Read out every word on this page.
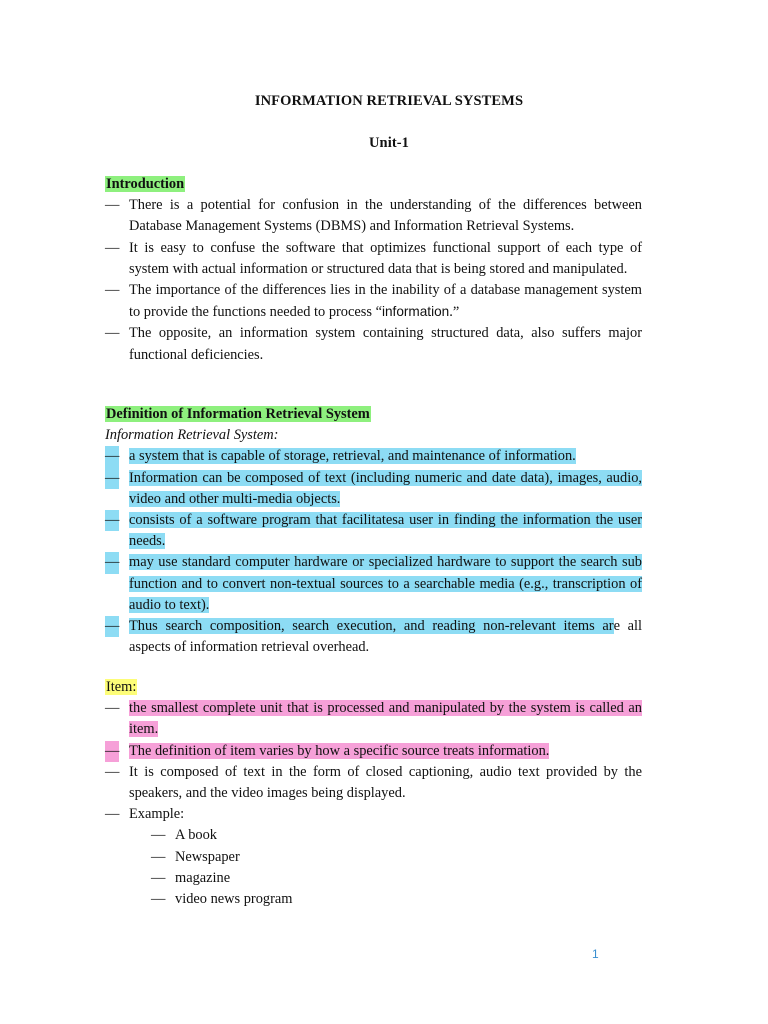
INFORMATION RETRIEVAL SYSTEMS
Unit-1
Introduction
— There is a potential for confusion in the understanding of the differences between Database Management Systems (DBMS) and Information Retrieval Systems.
— It is easy to confuse the software that optimizes functional support of each type of system with actual information or structured data that is being stored and manipulated.
— The importance of the differences lies in the inability of a database management system to provide the functions needed to process “information.”
— The opposite, an information system containing structured data, also suffers major functional deficiencies.
Definition of Information Retrieval System
Information Retrieval System:
— a system that is capable of storage, retrieval, and maintenance of information.
— Information can be composed of text (including numeric and date data), images, audio, video and other multi-media objects.
— consists of a software program that facilitatesa user in finding the information the user needs.
— may use standard computer hardware or specialized hardware to support the search sub function and to convert non-textual sources to a searchable media (e.g., transcription of audio to text).
— Thus search composition, search execution, and reading non-relevant items are all aspects of information retrieval overhead.
Item:
— the smallest complete unit that is processed and manipulated by the system is called an item.
— The definition of item varies by how a specific source treats information.
— It is composed of text in the form of closed captioning, audio text provided by the speakers, and the video images being displayed.
— Example:
— A book
— Newspaper
— magazine
— video news program
1
